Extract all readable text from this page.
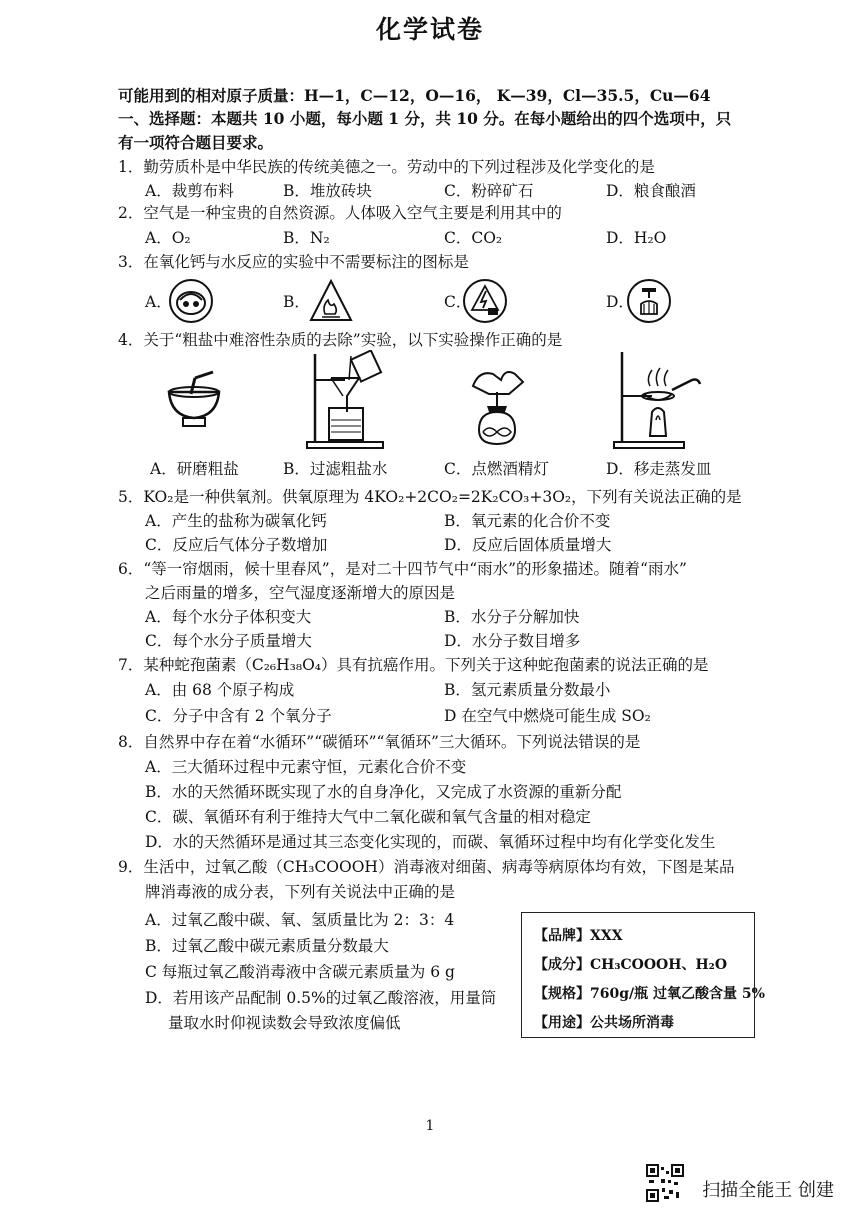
化学试卷
可能用到的相对原子质量：H—1，C—12，O—16， K—39，Cl—35.5，Cu—64
一、选择题：本题共 10 小题，每小题 1 分，共 10 分。在每小题给出的四个选项中，只
有一项符合题目要求。
1．勤劳质朴是中华民族的传统美德之一。劳动中的下列过程涉及化学变化的是
A．裁剪布料	B．堆放砖块	C．粉碎矿石	D．粮食酿酒
2．空气是一种宝贵的自然资源。人体吸入空气主要是利用其中的
A．O₂	B．N₂	C．CO₂	D．H₂O
3．在氧化钙与水反应的实验中不需要标注的图标是
A．	B．	C．	D．
4．关于“粗盐中难溶性杂质的去除”实验，以下实验操作正确的是
A．研磨粗盐	B．过滤粗盐水	C．点燃酒精灯	D．移走蒸发皿
5．KO₂是一种供氧剂。供氧原理为 4KO₂+2CO₂=2K₂CO₃+3O₂，下列有关说法正确的是
A．产生的盐称为碳氧化钙	B．氧元素的化合价不变
C．反应后气体分子数增加	D．反应后固体质量增大
6．“等一帘烟雨，候十里春风”，是对二十四节气中“雨水”的形象描述。随着“雨水”
之后雨量的增多，空气湿度逐渐增大的原因是
A．每个水分子体积变大	B．水分子分解加快
C．每个水分子质量增大	D．水分子数目增多
7．某种蛇孢菌素（C₂₆H₃₈O₄）具有抗癌作用。下列关于这种蛇孢菌素的说法正确的是
A．由 68 个原子构成	B．氢元素质量分数最小
C．分子中含有 2 个氧分子	D 在空气中燃烧可能生成 SO₂
8．自然界中存在着“水循环”“碳循环”“氧循环”三大循环。下列说法错误的是
A．三大循环过程中元素守恒，元素化合价不变
B．水的天然循环既实现了水的自身净化，又完成了水资源的重新分配
C．碳、氧循环有利于维持大气中二氧化碳和氧气含量的相对稳定
D．水的天然循环是通过其三态变化实现的，而碳、氧循环过程中均有化学变化发生
9．生活中，过氧乙酸（CH₃COOOH）消毒液对细菌、病毒等病原体均有效，下图是某品
牌消毒液的成分表，下列有关说法中正确的是
A．过氧乙酸中碳、氧、氢质量比为 2：3：4
B．过氧乙酸中碳元素质量分数最大
C 每瓶过氧乙酸消毒液中含碳元素质量为 6 g
D．若用该产品配制 0.5%的过氧乙酸溶液，用量筒
量取水时仰视读数会导致浓度偏低
【品牌】XXX
【成分】CH₃COOOH、H₂O
【规格】760g/瓶 过氧乙酸含量 5%
【用途】公共场所消毒
1
扫描全能王 创建
